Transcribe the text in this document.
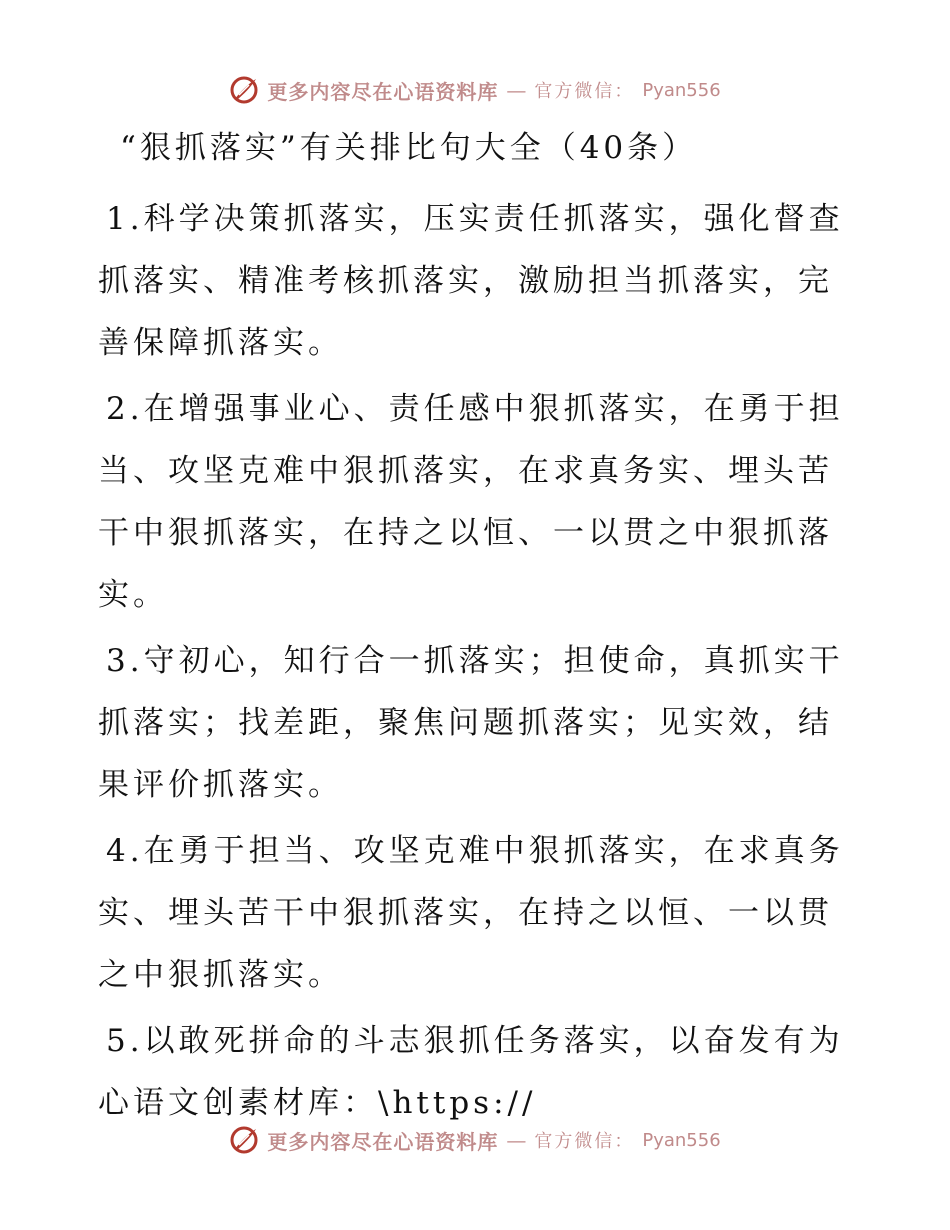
更多内容尽在心语资料库 — 官方微信： Pyan556
“狠抓落实”有关排比句大全（40条）
1.科学决策抓落实，压实责任抓落实，强化督查抓落实、精准考核抓落实，激励担当抓落实，完善保障抓落实。
2.在增强事业心、责任感中狠抓落实，在勇于担当、攻坚克难中狠抓落实，在求真务实、埋头苦干中狠抓落实，在持之以恒、一以贯之中狠抓落实。
3.守初心，知行合一抓落实；担使命，真抓实干抓落实；找差距，聚焦问题抓落实；见实效，结果评价抓落实。
4.在勇于担当、攻坚克难中狠抓落实，在求真务实、埋头苦干中狠抓落实，在持之以恒、一以贯之中狠抓落实。
5.以敢死拼命的斗志狠抓任务落实，以奋发有为心语文创素材库：\https://
更多内容尽在心语资料库 — 官方微信： Pyan556
